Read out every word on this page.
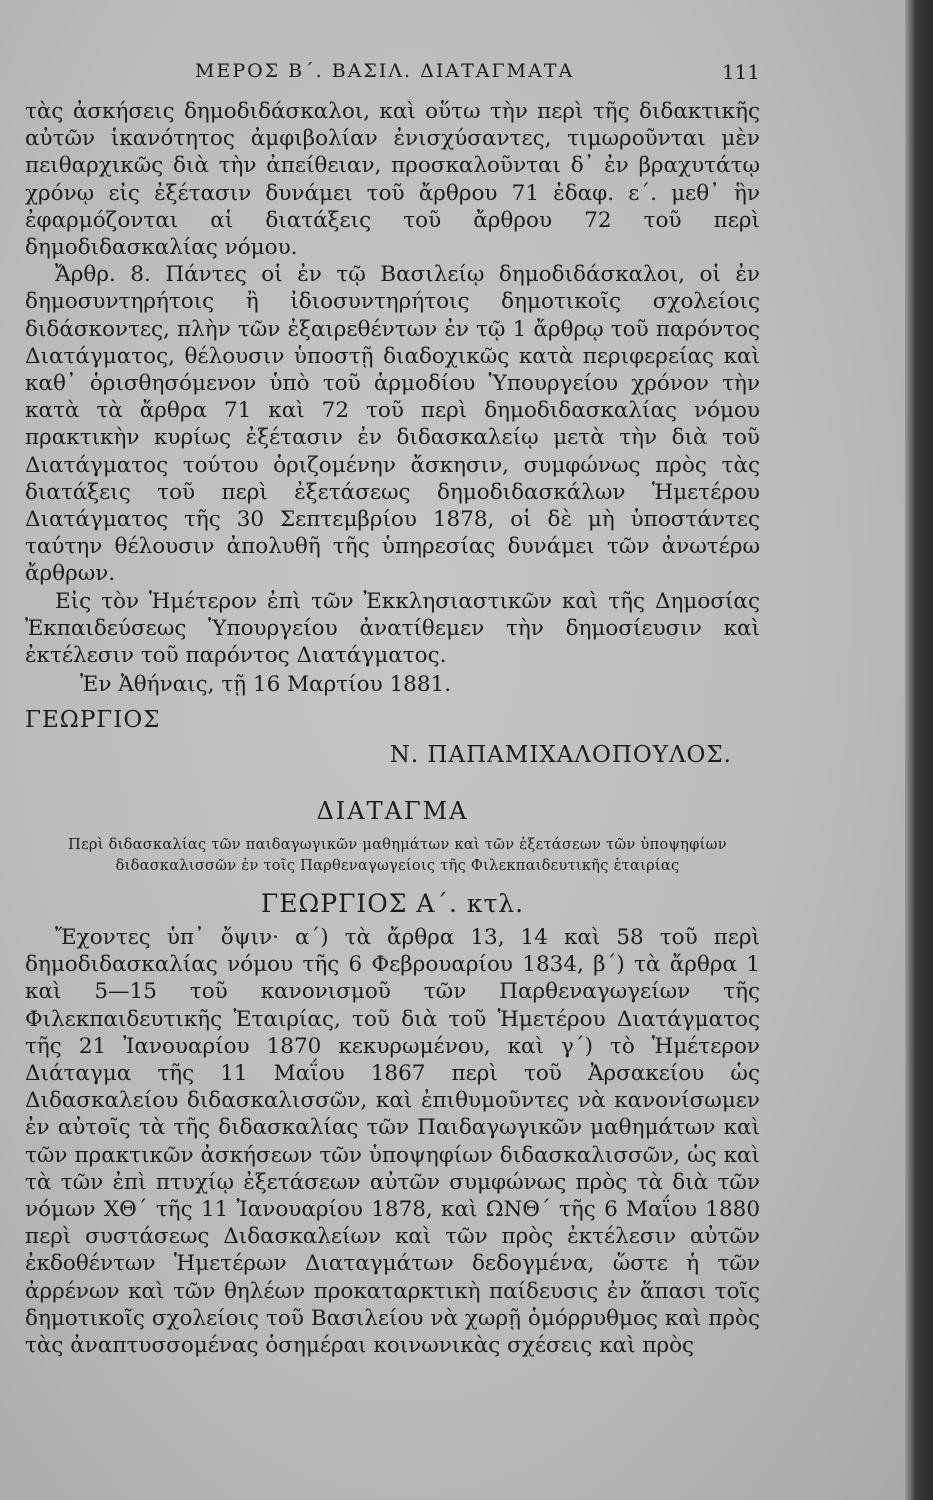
ΜΕΡΟΣ Β΄. ΒΑΣΙΛ. ΔΙΑΤΑΓΜΑΤΑ	111

τὰς ἀσκήσεις δημοδιδάσκαλοι, καὶ οὕτω τὴν περὶ τῆς διδακτικῆς αὐτῶν ἱκανότητος ἀμφιβολίαν ἐνισχύσαντες, τιμωροῦνται μὲν πειθαρχικῶς διὰ τὴν ἀπείθειαν, προσκαλοῦνται δ᾽ ἐν βραχυτάτῳ χρόνῳ εἰς ἐξέτασιν δυνάμει τοῦ ἄρθρου 71 ἐδαφ. ε΄. μεθ᾽ ἣν ἐφαρμόζονται αἱ διατάξεις τοῦ ἄρθρου 72 τοῦ περὶ δημοδιδασκαλίας νόμου.

Ἄρθρ. 8. Πάντες οἱ ἐν τῷ Βασιλείῳ δημοδιδάσκαλοι, οἱ ἐν δημοσυντηρήτοις ἢ ἰδιοσυντηρήτοις δημοτικοῖς σχολείοις διδάσκοντες, πλὴν τῶν ἐξαιρεθέντων ἐν τῷ 1 ἄρθρῳ τοῦ παρόντος Διατάγματος, θέλουσιν ὑποστῇ διαδοχικῶς κατὰ περιφερείας καὶ καθ᾽ ὁρισθησόμενον ὑπὸ τοῦ ἁρμοδίου Ὑπουργείου χρόνον τὴν κατὰ τὰ ἄρθρα 71 καὶ 72 τοῦ περὶ δημοδιδασκαλίας νόμου πρακτικὴν κυρίως ἐξέτασιν ἐν διδασκαλείῳ μετὰ τὴν διὰ τοῦ Διατάγματος τούτου ὁριζομένην ἄσκησιν, συμφώνως πρὸς τὰς διατάξεις τοῦ περὶ ἐξετάσεως δημοδιδασκάλων Ἡμετέρου Διατάγματος τῆς 30 Σεπτεμβρίου 1878, οἱ δὲ μὴ ὑποστάντες ταύτην θέλουσιν ἀπολυθῆ τῆς ὑπηρεσίας δυνάμει τῶν ἀνωτέρω ἄρθρων.

Εἰς τὸν Ἡμέτερον ἐπὶ τῶν Ἐκκλησιαστικῶν καὶ τῆς Δημοσίας Ἐκπαιδεύσεως Ὑπουργείου ἀνατίθεμεν τὴν δημοσίευσιν καὶ ἐκτέλεσιν τοῦ παρόντος Διατάγματος.

Ἐν Ἀθήναις, τῇ 16 Μαρτίου 1881.
ΓΕΩΡΓΙΟΣ
Ν. ΠΑΠΑΜΙΧΑΛΟΠΟΥΛΟΣ.
ΔΙΑΤΑΓΜΑ
Περὶ διδασκαλίας τῶν παιδαγωγικῶν μαθημάτων καὶ τῶν ἐξετάσεων τῶν ὑποψηφίων
διδασκαλισσῶν ἐν τοῖς Παρθεναγωγείοις τῆς Φιλεκπαιδευτικῆς ἑταιρίας
ΓΕΩΡΓΙΟΣ Α΄. κτλ.

Ἔχοντες ὑπ᾽ ὄψιν· α΄) τὰ ἄρθρα 13, 14 καὶ 58 τοῦ περὶ δημοδιδασκαλίας νόμου τῆς 6 Φεβρουαρίου 1834, β΄) τὰ ἄρθρα 1 καὶ 5—15 τοῦ κανονισμοῦ τῶν Παρθεναγωγείων τῆς Φιλεκπαιδευτικῆς Ἑταιρίας, τοῦ διὰ τοῦ Ἡμετέρου Διατάγματος τῆς 21 Ἰανουαρίου 1870 κεκυρωμένου, καὶ γ΄) τὸ Ἡμέτερον Διάταγμα τῆς 11 Μαΐου 1867 περὶ τοῦ Ἀρσακείου ὡς Διδασκαλείου διδασκαλισσῶν, καὶ ἐπιθυμοῦντες νὰ κανονίσωμεν ἐν αὐτοῖς τὰ τῆς διδασκαλίας τῶν Παιδαγωγικῶν μαθημάτων καὶ τῶν πρακτικῶν ἀσκήσεων τῶν ὑποψηφίων διδασκαλισσῶν, ὡς καὶ τὰ τῶν ἐπὶ πτυχίῳ ἐξετάσεων αὐτῶν συμφώνως πρὸς τὰ διὰ τῶν νόμων ΧΘ΄ τῆς 11 Ἰανουαρίου 1878, καὶ ΩΝΘ΄ τῆς 6 Μαΐου 1880 περὶ συστάσεως Διδασκαλείων καὶ τῶν πρὸς ἐκτέλεσιν αὐτῶν ἐκδοθέντων Ἡμετέρων Διαταγμάτων δεδογμένα, ὥστε ἡ τῶν ἀρρένων καὶ τῶν θηλέων προκαταρκτικὴ παίδευσις ἐν ἅπασι τοῖς δημοτικοῖς σχολείοις τοῦ Βασιλείου νὰ χωρῇ ὁμόρρυθμος καὶ πρὸς τὰς ἀναπτυσσομένας ὁσημέραι κοινωνικὰς σχέσεις καὶ πρὸς
